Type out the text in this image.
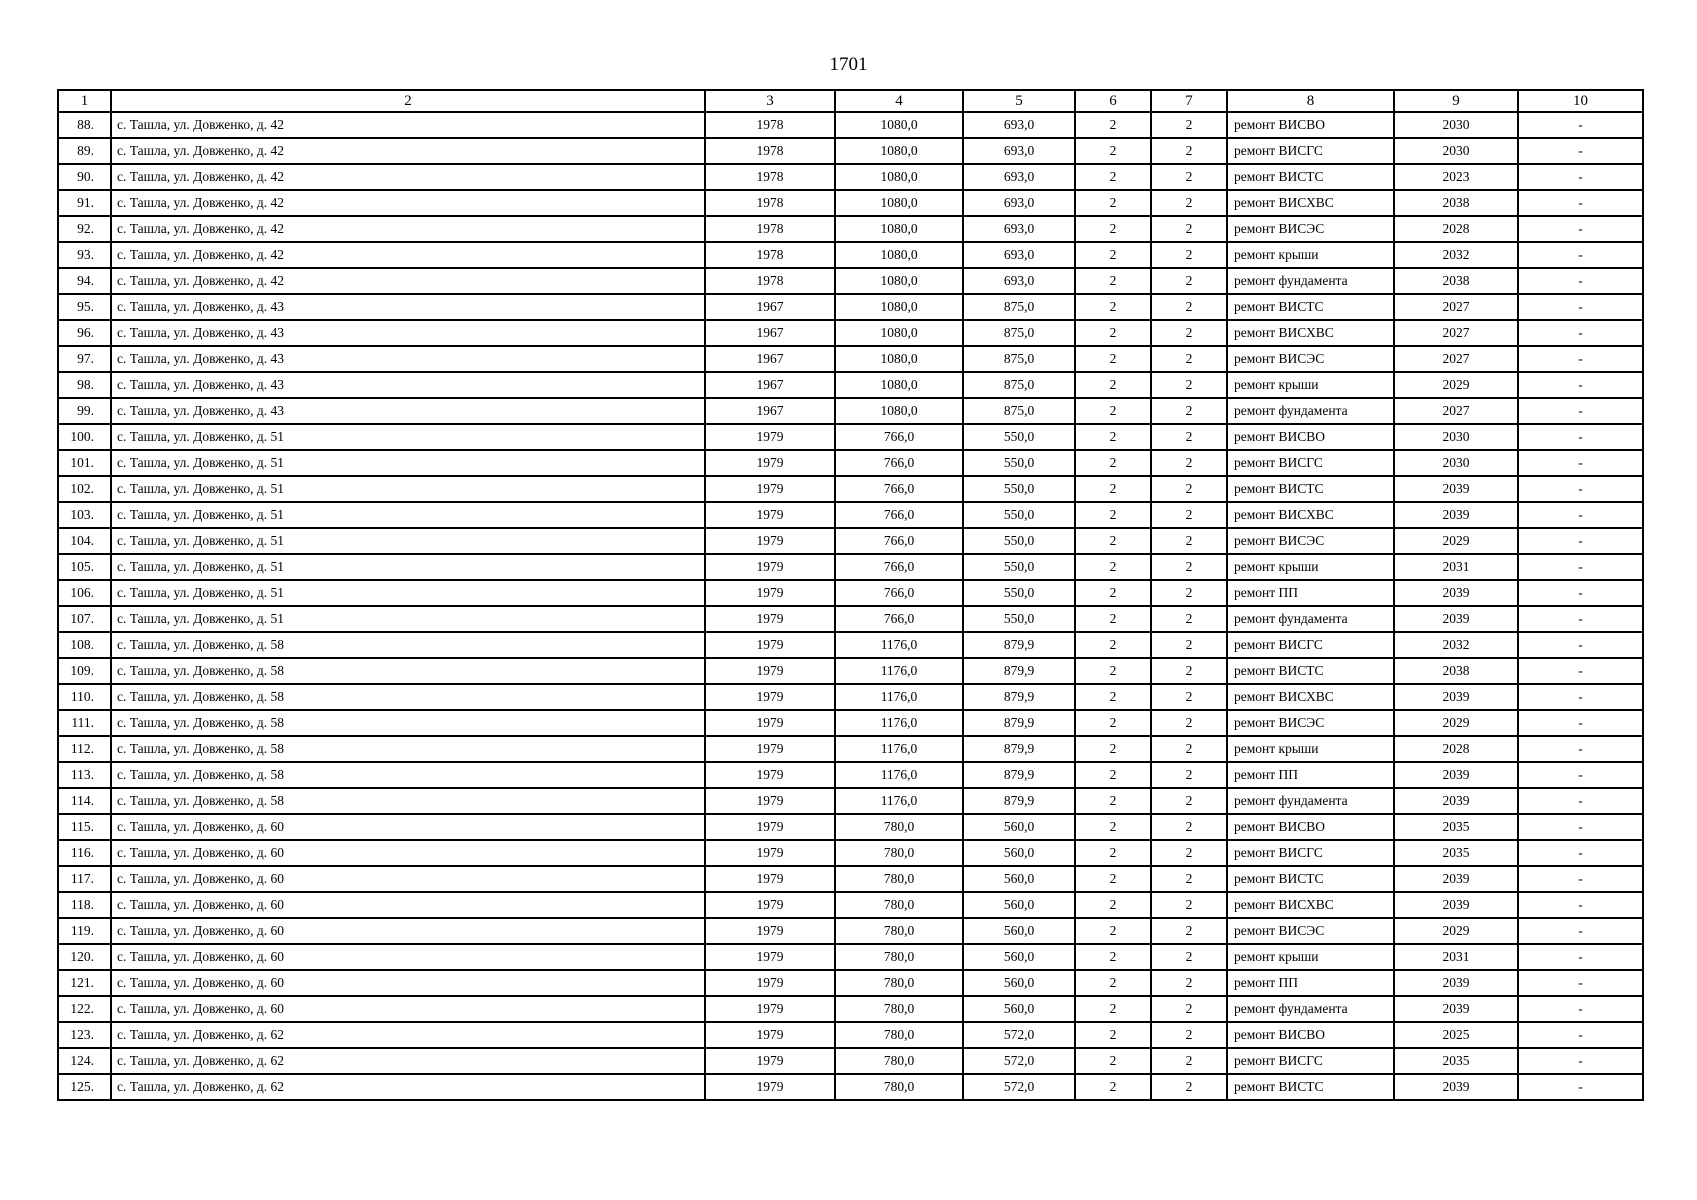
1701
1	2	3	4	5	6	7	8	9	10
88.	с. Ташла, ул. Довженко, д. 42	1978	1080,0	693,0	2	2	ремонт ВИСВО	2030	-
89.	с. Ташла, ул. Довженко, д. 42	1978	1080,0	693,0	2	2	ремонт ВИСГС	2030	-
90.	с. Ташла, ул. Довженко, д. 42	1978	1080,0	693,0	2	2	ремонт ВИСТС	2023	-
91.	с. Ташла, ул. Довженко, д. 42	1978	1080,0	693,0	2	2	ремонт ВИСХВС	2038	-
92.	с. Ташла, ул. Довженко, д. 42	1978	1080,0	693,0	2	2	ремонт ВИСЭС	2028	-
93.	с. Ташла, ул. Довженко, д. 42	1978	1080,0	693,0	2	2	ремонт крыши	2032	-
94.	с. Ташла, ул. Довженко, д. 42	1978	1080,0	693,0	2	2	ремонт фундамента	2038	-
95.	с. Ташла, ул. Довженко, д. 43	1967	1080,0	875,0	2	2	ремонт ВИСТС	2027	-
96.	с. Ташла, ул. Довженко, д. 43	1967	1080,0	875,0	2	2	ремонт ВИСХВС	2027	-
97.	с. Ташла, ул. Довженко, д. 43	1967	1080,0	875,0	2	2	ремонт ВИСЭС	2027	-
98.	с. Ташла, ул. Довженко, д. 43	1967	1080,0	875,0	2	2	ремонт крыши	2029	-
99.	с. Ташла, ул. Довженко, д. 43	1967	1080,0	875,0	2	2	ремонт фундамента	2027	-
100.	с. Ташла, ул. Довженко, д. 51	1979	766,0	550,0	2	2	ремонт ВИСВО	2030	-
101.	с. Ташла, ул. Довженко, д. 51	1979	766,0	550,0	2	2	ремонт ВИСГС	2030	-
102.	с. Ташла, ул. Довженко, д. 51	1979	766,0	550,0	2	2	ремонт ВИСТС	2039	-
103.	с. Ташла, ул. Довженко, д. 51	1979	766,0	550,0	2	2	ремонт ВИСХВС	2039	-
104.	с. Ташла, ул. Довженко, д. 51	1979	766,0	550,0	2	2	ремонт ВИСЭС	2029	-
105.	с. Ташла, ул. Довженко, д. 51	1979	766,0	550,0	2	2	ремонт крыши	2031	-
106.	с. Ташла, ул. Довженко, д. 51	1979	766,0	550,0	2	2	ремонт ПП	2039	-
107.	с. Ташла, ул. Довженко, д. 51	1979	766,0	550,0	2	2	ремонт фундамента	2039	-
108.	с. Ташла, ул. Довженко, д. 58	1979	1176,0	879,9	2	2	ремонт ВИСГС	2032	-
109.	с. Ташла, ул. Довженко, д. 58	1979	1176,0	879,9	2	2	ремонт ВИСТС	2038	-
110.	с. Ташла, ул. Довженко, д. 58	1979	1176,0	879,9	2	2	ремонт ВИСХВС	2039	-
111.	с. Ташла, ул. Довженко, д. 58	1979	1176,0	879,9	2	2	ремонт ВИСЭС	2029	-
112.	с. Ташла, ул. Довженко, д. 58	1979	1176,0	879,9	2	2	ремонт крыши	2028	-
113.	с. Ташла, ул. Довженко, д. 58	1979	1176,0	879,9	2	2	ремонт ПП	2039	-
114.	с. Ташла, ул. Довженко, д. 58	1979	1176,0	879,9	2	2	ремонт фундамента	2039	-
115.	с. Ташла, ул. Довженко, д. 60	1979	780,0	560,0	2	2	ремонт ВИСВО	2035	-
116.	с. Ташла, ул. Довженко, д. 60	1979	780,0	560,0	2	2	ремонт ВИСГС	2035	-
117.	с. Ташла, ул. Довженко, д. 60	1979	780,0	560,0	2	2	ремонт ВИСТС	2039	-
118.	с. Ташла, ул. Довженко, д. 60	1979	780,0	560,0	2	2	ремонт ВИСХВС	2039	-
119.	с. Ташла, ул. Довженко, д. 60	1979	780,0	560,0	2	2	ремонт ВИСЭС	2029	-
120.	с. Ташла, ул. Довженко, д. 60	1979	780,0	560,0	2	2	ремонт крыши	2031	-
121.	с. Ташла, ул. Довженко, д. 60	1979	780,0	560,0	2	2	ремонт ПП	2039	-
122.	с. Ташла, ул. Довженко, д. 60	1979	780,0	560,0	2	2	ремонт фундамента	2039	-
123.	с. Ташла, ул. Довженко, д. 62	1979	780,0	572,0	2	2	ремонт ВИСВО	2025	-
124.	с. Ташла, ул. Довженко, д. 62	1979	780,0	572,0	2	2	ремонт ВИСГС	2035	-
125.	с. Ташла, ул. Довженко, д. 62	1979	780,0	572,0	2	2	ремонт ВИСТС	2039	-
